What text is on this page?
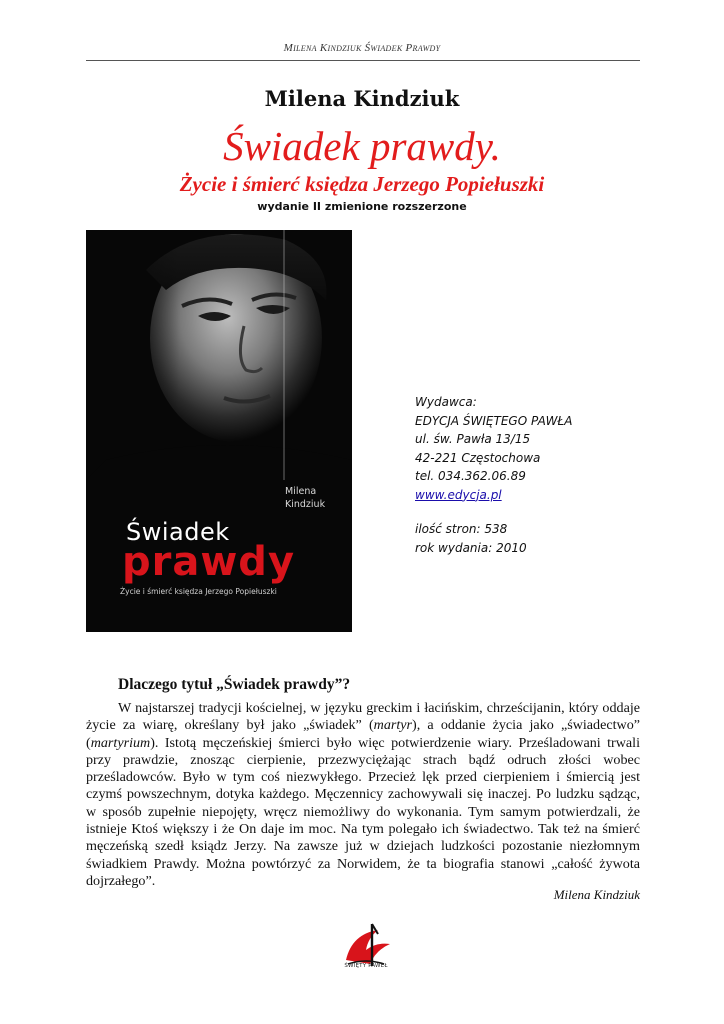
Milena Kindziuk Świadek Prawdy
Milena Kindziuk
Świadek prawdy.
Życie i śmierć księdza Jerzego Popiełuszki
wydanie II zmienione rozszerzone
Milena
Kindziuk
Świadek
prawdy
Życie i śmierć księdza Jerzego Popiełuszki
Wydawca:
EDYCJA ŚWIĘTEGO PAWŁA
ul. św. Pawła 13/15
42-221 Częstochowa
tel. 034.362.06.89
www.edycja.pl
ilość stron: 538
rok wydania: 2010
Dlaczego tytuł „Świadek prawdy”?

W najstarszej tradycji kościelnej, w języku greckim i łacińskim, chrześcijanin, który oddaje życie za wiarę, określany był jako „świadek” (martyr), a oddanie życia jako „świadectwo” (martyrium). Istotą męczeńskiej śmierci było więc potwierdzenie wiary. Prześladowani trwali przy prawdzie, znosząc cierpienie, przezwyciężając strach bądź odruch złości wobec prześladowców. Było w tym coś niezwykłego. Przecież lęk przed cierpieniem i śmiercią jest czymś powszechnym, dotyka każdego. Męczennicy zachowywali się inaczej. Po ludzku sądząc, w sposób zupełnie niepojęty, wręcz niemożliwy do wykonania. Tym samym potwierdzali, że istnieje Ktoś większy i że On daje im moc. Na tym polegało ich świadectwo. Tak też na śmierć męczeńską szedł ksiądz Jerzy. Na zawsze już w dziejach ludzkości pozostanie niezłomnym świadkiem Prawdy. Można powtórzyć za Norwidem, że ta biografia stanowi „całość żywota dojrzałego”.

Milena Kindziuk
ŚWIĘTY PAWEŁ
